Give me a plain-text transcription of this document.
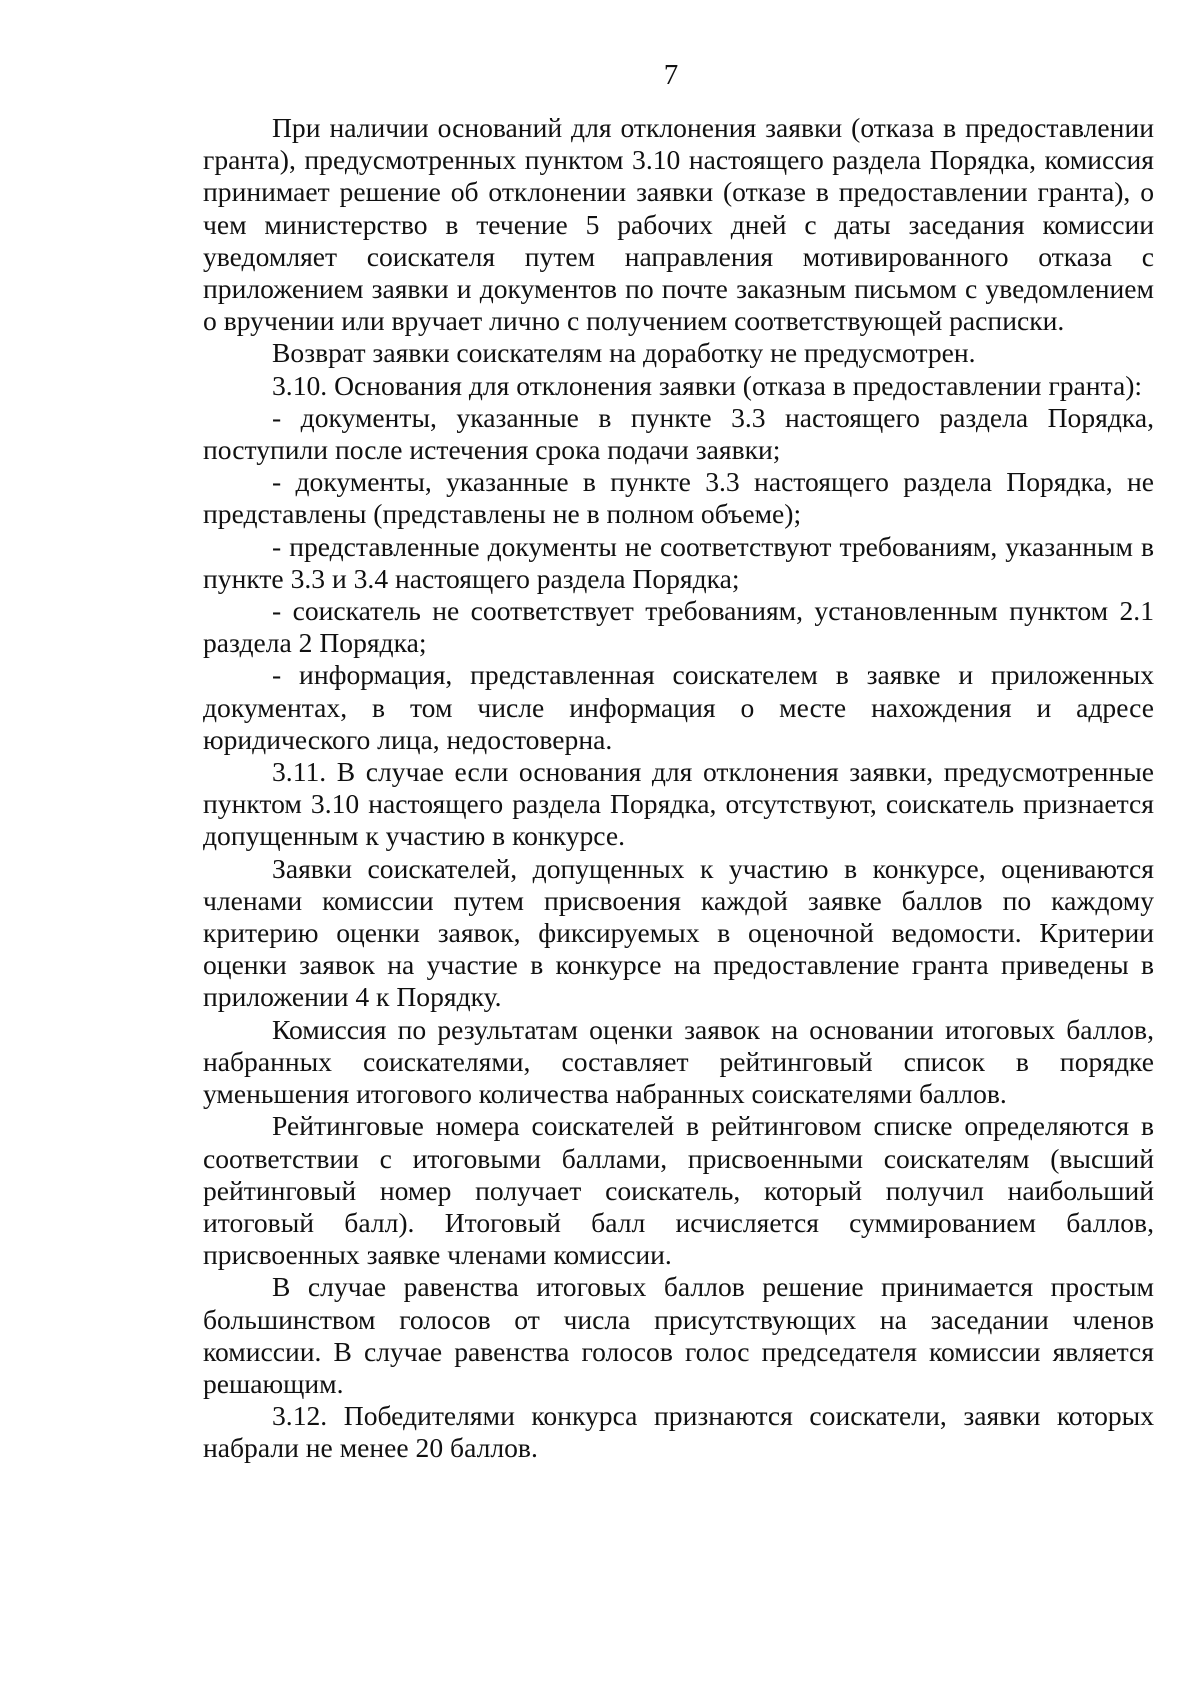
7

При наличии оснований для отклонения заявки (отказа в предоставлении гранта), предусмотренных пунктом 3.10 настоящего раздела Порядка, комиссия принимает решение об отклонении заявки (отказе в предоставлении гранта), о чем министерство в течение 5 рабочих дней с даты заседания комиссии уведомляет соискателя путем направления мотивированного отказа с приложением заявки и документов по почте заказным письмом с уведомлением о вручении или вручает лично с получением соответствующей расписки.

Возврат заявки соискателям на доработку не предусмотрен.

3.10. Основания для отклонения заявки (отказа в предоставлении гранта):

- документы, указанные в пункте 3.3 настоящего раздела Порядка, поступили после истечения срока подачи заявки;

- документы, указанные в пункте 3.3 настоящего раздела Порядка, не представлены (представлены не в полном объеме);

- представленные документы не соответствуют требованиям, указанным в пункте 3.3 и 3.4 настоящего раздела Порядка;

- соискатель не соответствует требованиям, установленным пунктом 2.1 раздела 2 Порядка;

- информация, представленная соискателем в заявке и приложенных документах, в том числе информация о месте нахождения и адресе юридического лица, недостоверна.

3.11. В случае если основания для отклонения заявки, предусмотренные пунктом 3.10 настоящего раздела Порядка, отсутствуют, соискатель признается допущенным к участию в конкурсе.

Заявки соискателей, допущенных к участию в конкурсе, оцениваются членами комиссии путем присвоения каждой заявке баллов по каждому критерию оценки заявок, фиксируемых в оценочной ведомости. Критерии оценки заявок на участие в конкурсе на предоставление гранта приведены в приложении 4 к Порядку.

Комиссия по результатам оценки заявок на основании итоговых баллов, набранных соискателями, составляет рейтинговый список в порядке уменьшения итогового количества набранных соискателями баллов.

Рейтинговые номера соискателей в рейтинговом списке определяются в соответствии с итоговыми баллами, присвоенными соискателям (высший рейтинговый номер получает соискатель, который получил наибольший итоговый балл). Итоговый балл исчисляется суммированием баллов, присвоенных заявке членами комиссии.

В случае равенства итоговых баллов решение принимается простым большинством голосов от числа присутствующих на заседании членов комиссии. В случае равенства голосов голос председателя комиссии является решающим.

3.12. Победителями конкурса признаются соискатели, заявки которых набрали не менее 20 баллов.
